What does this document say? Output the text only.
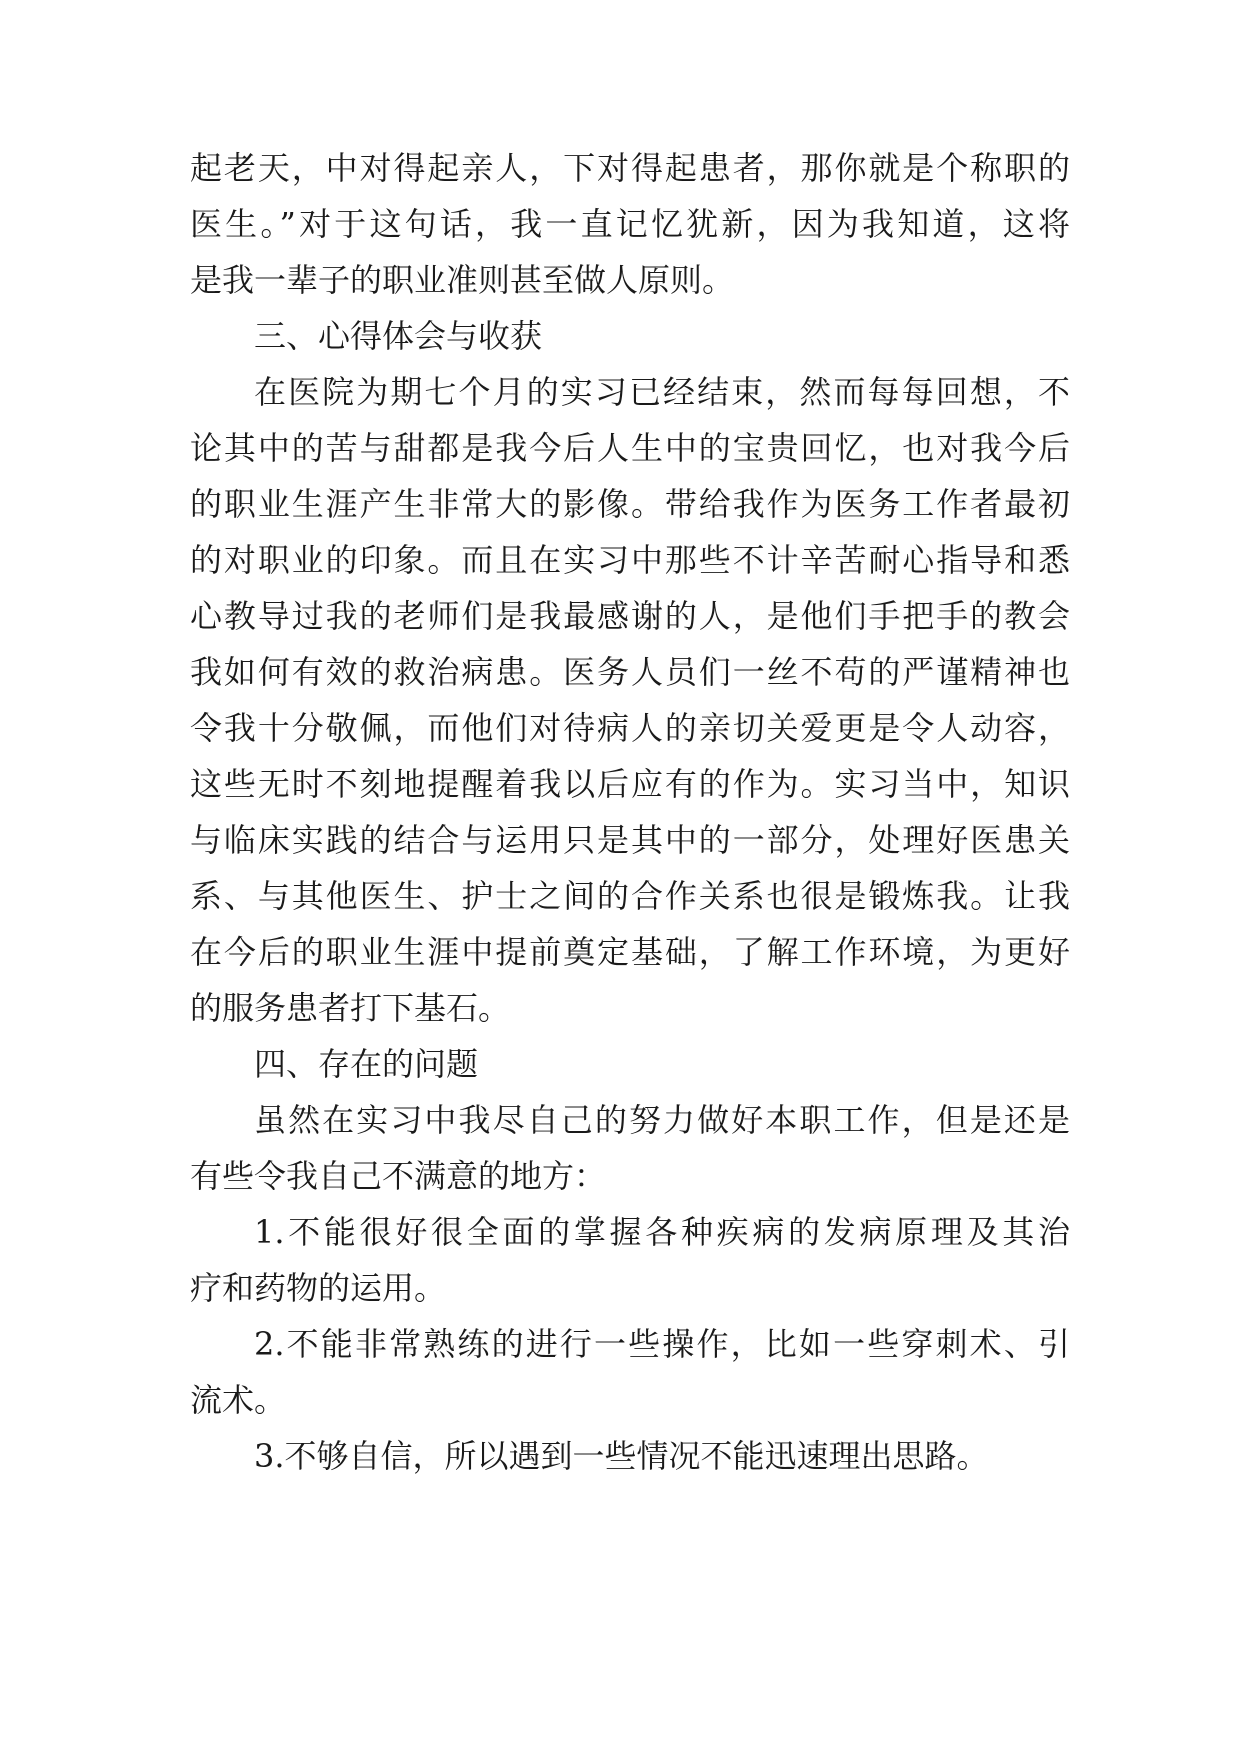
起老天，中对得起亲人，下对得起患者，那你就是个称职的
医生。”对于这句话，我一直记忆犹新，因为我知道，这将
是我一辈子的职业准则甚至做人原则。
三、心得体会与收获
在医院为期七个月的实习已经结束，然而每每回想，不
论其中的苦与甜都是我今后人生中的宝贵回忆，也对我今后
的职业生涯产生非常大的影像。带给我作为医务工作者最初
的对职业的印象。而且在实习中那些不计辛苦耐心指导和悉
心教导过我的老师们是我最感谢的人，是他们手把手的教会
我如何有效的救治病患。医务人员们一丝不苟的严谨精神也
令我十分敬佩，而他们对待病人的亲切关爱更是令人动容，
这些无时不刻地提醒着我以后应有的作为。实习当中，知识
与临床实践的结合与运用只是其中的一部分，处理好医患关
系、与其他医生、护士之间的合作关系也很是锻炼我。让我
在今后的职业生涯中提前奠定基础，了解工作环境，为更好
的服务患者打下基石。
四、存在的问题
虽然在实习中我尽自己的努力做好本职工作，但是还是
有些令我自己不满意的地方：
1.不能很好很全面的掌握各种疾病的发病原理及其治
疗和药物的运用。
2.不能非常熟练的进行一些操作，比如一些穿刺术、引
流术。
3.不够自信，所以遇到一些情况不能迅速理出思路。
